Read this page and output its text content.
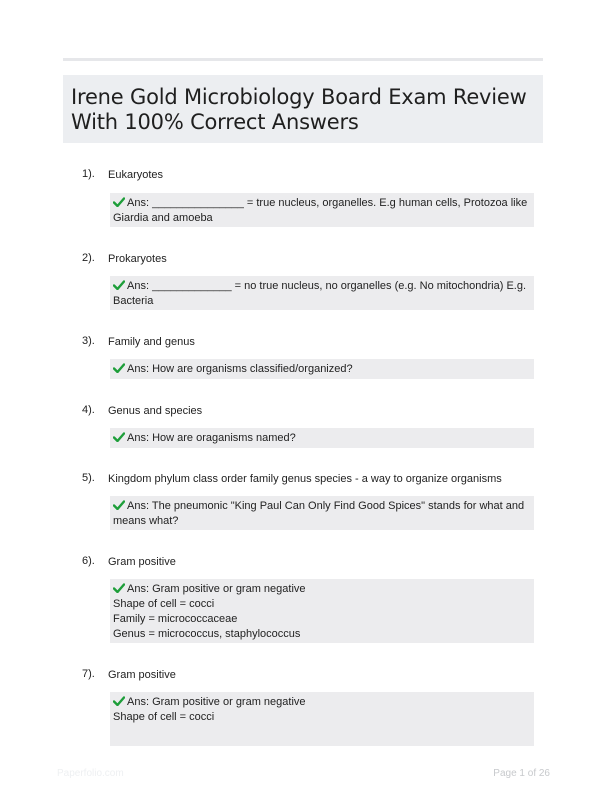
Irene Gold Microbiology Board Exam Review
With 100% Correct Answers
1). Eukaryotes
Ans: _______________ = true nucleus, organelles. E.g human cells, Protozoa like
Giardia and amoeba
2). Prokaryotes
Ans: _____________ = no true nucleus, no organelles (e.g. No mitochondria) E.g.
Bacteria
3). Family and genus
Ans: How are organisms classified/organized?
4). Genus and species
Ans: How are oraganisms named?
5). Kingdom phylum class order family genus species - a way to organize organisms
Ans: The pneumonic "King Paul Can Only Find Good Spices" stands for what and
means what?
6). Gram positive
Ans: Gram positive or gram negative
Shape of cell = cocci
Family = micrococcaceae
Genus = micrococcus, staphylococcus
7). Gram positive
Ans: Gram positive or gram negative
Shape of cell = cocci
Paperfolio.com	Page 1 of 26
